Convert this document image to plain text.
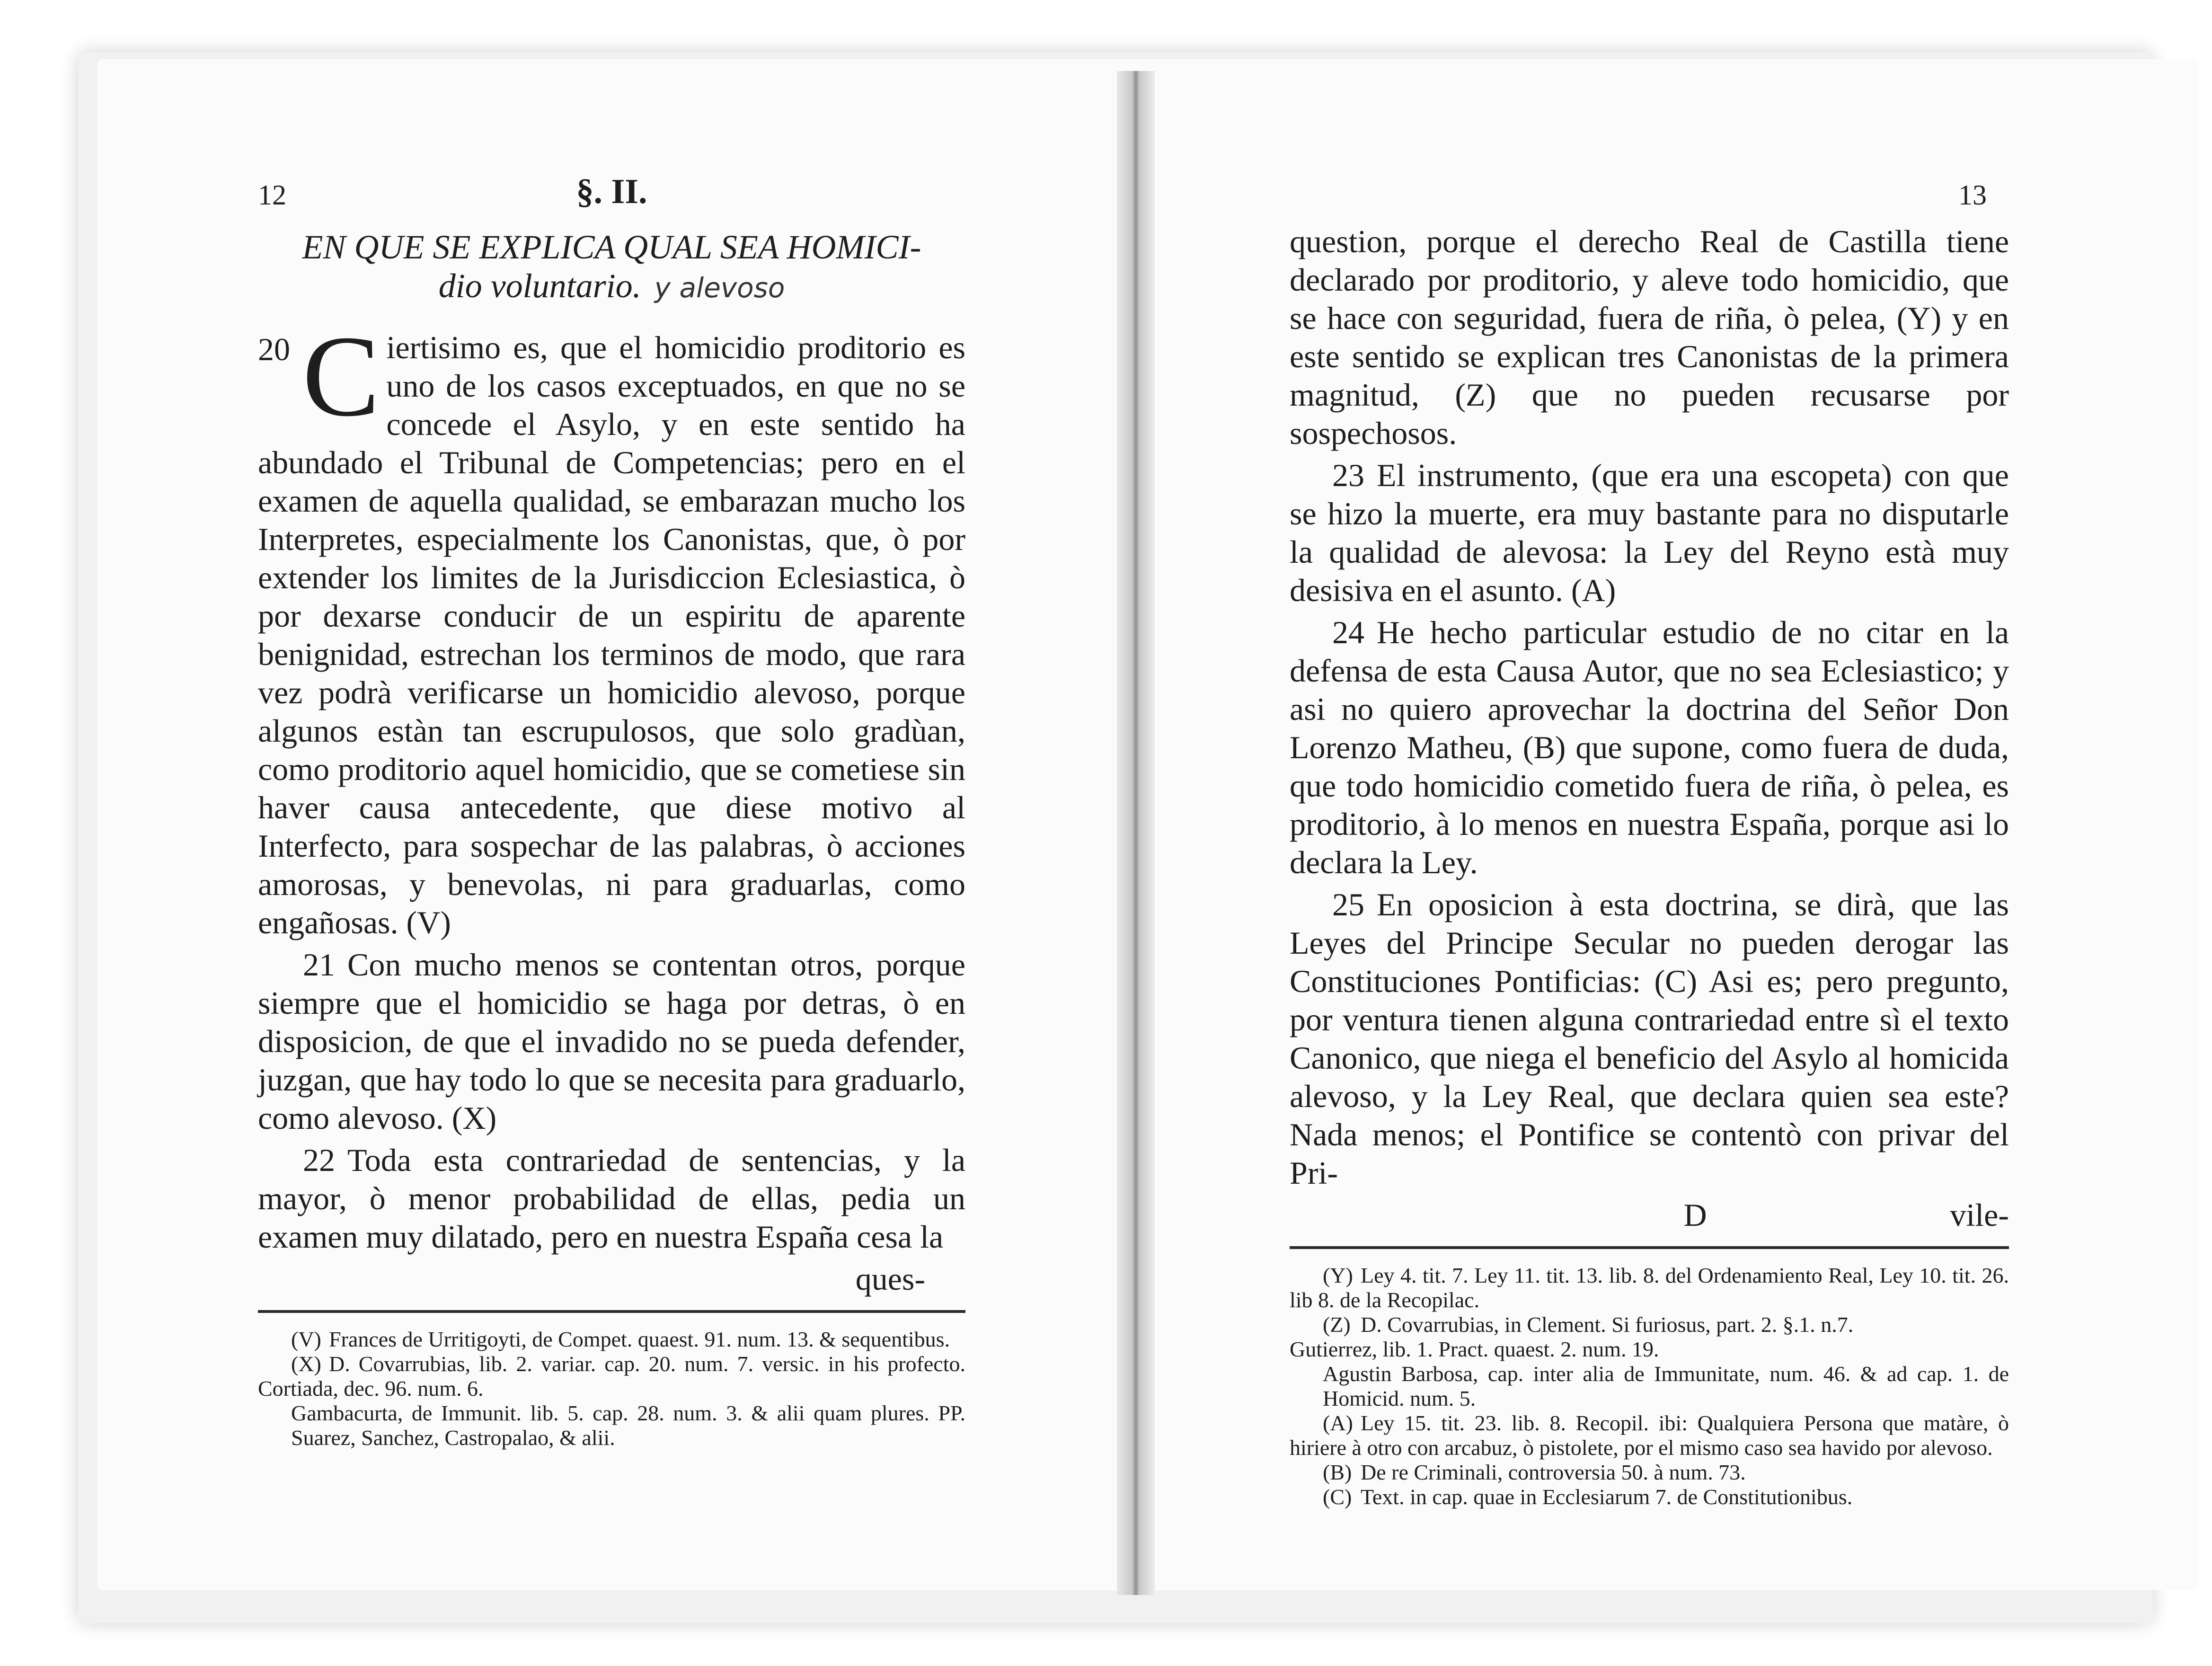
12	13
§. II.
EN QUE SE EXPLICA QUAL SEA HOMICI-
dio voluntario. y alevoso

20 C iertisimo es, que el homicidio proditorio es uno de los casos exceptuados, en que no se concede el Asylo, y en este sentido ha abundado el Tribunal de Competencias; pero en el examen de aquella qualidad, se embarazan mucho los Interpretes, especialmente los Canonistas, que, ò por extender los limites de la Jurisdiccion Eclesiastica, ò por dexarse conducir de un espiritu de aparente benignidad, estrechan los terminos de modo, que rara vez podrà verificarse un homicidio alevoso, porque algunos estàn tan escrupulosos, que solo gradùan, como proditorio aquel homicidio, que se cometiese sin haver causa antecedente, que diese motivo al Interfecto, para sospechar de las palabras, ò acciones amorosas, y benevolas, ni para graduarlas, como engañosas. (V)

21 Con mucho menos se contentan otros, porque siempre que el homicidio se haga por detras, ò en disposicion, de que el invadido no se pueda defender, juzgan, que hay todo lo que se necesita para graduarlo, como alevoso. (X)

22 Toda esta contrariedad de sentencias, y la mayor, ò menor probabilidad de ellas, pedia un examen muy dilatado, pero en nuestra España cesa la

ques-

(V) Frances de Urritigoyti, de Compet. quaest. 91. num. 13. & sequentibus.

(X) D. Covarrubias, lib. 2. variar. cap. 20. num. 7. versic. in his profecto. Cortiada, dec. 96. num. 6.

Gambacurta, de Immunit. lib. 5. cap. 28. num. 3. & alii quam plures. PP. Suarez, Sanchez, Castropalao, & alii.

question, porque el derecho Real de Castilla tiene declarado por proditorio, y aleve todo homicidio, que se hace con seguridad, fuera de riña, ò pelea, (Y) y en este sentido se explican tres Canonistas de la primera magnitud, (Z) que no pueden recusarse por sospechosos.

23 El instrumento, (que era una escopeta) con que se hizo la muerte, era muy bastante para no disputarle la qualidad de alevosa: la Ley del Reyno està muy desisiva en el asunto. (A)

24 He hecho particular estudio de no citar en la defensa de esta Causa Autor, que no sea Eclesiastico; y asi no quiero aprovechar la doctrina del Señor Don Lorenzo Matheu, (B) que supone, como fuera de duda, que todo homicidio cometido fuera de riña, ò pelea, es proditorio, à lo menos en nuestra España, porque asi lo declara la Ley.

25 En oposicion à esta doctrina, se dirà, que las Leyes del Principe Secular no pueden derogar las Constituciones Pontificias: (C) Asi es; pero pregunto, por ventura tienen alguna contrariedad entre sì el texto Canonico, que niega el beneficio del Asylo al homicida alevoso, y la Ley Real, que declara quien sea este? Nada menos; el Pontifice se contentò con privar del Pri-

D	vile-

(Y) Ley 4. tit. 7. Ley 11. tit. 13. lib. 8. del Ordenamiento Real, Ley 10. tit. 26. lib 8. de la Recopilac.

(Z) D. Covarrubias, in Clement. Si furiosus, part. 2. §.1. n.7.

Gutierrez, lib. 1. Pract. quaest. 2. num. 19.

Agustin Barbosa, cap. inter alia de Immunitate, num. 46. & ad cap. 1. de Homicid. num. 5.

(A) Ley 15. tit. 23. lib. 8. Recopil. ibi: Qualquiera Persona que matàre, ò hiriere à otro con arcabuz, ò pistolete, por el mismo caso sea havido por alevoso.

(B) De re Criminali, controversia 50. à num. 73.

(C) Text. in cap. quae in Ecclesiarum 7. de Constitutionibus.
